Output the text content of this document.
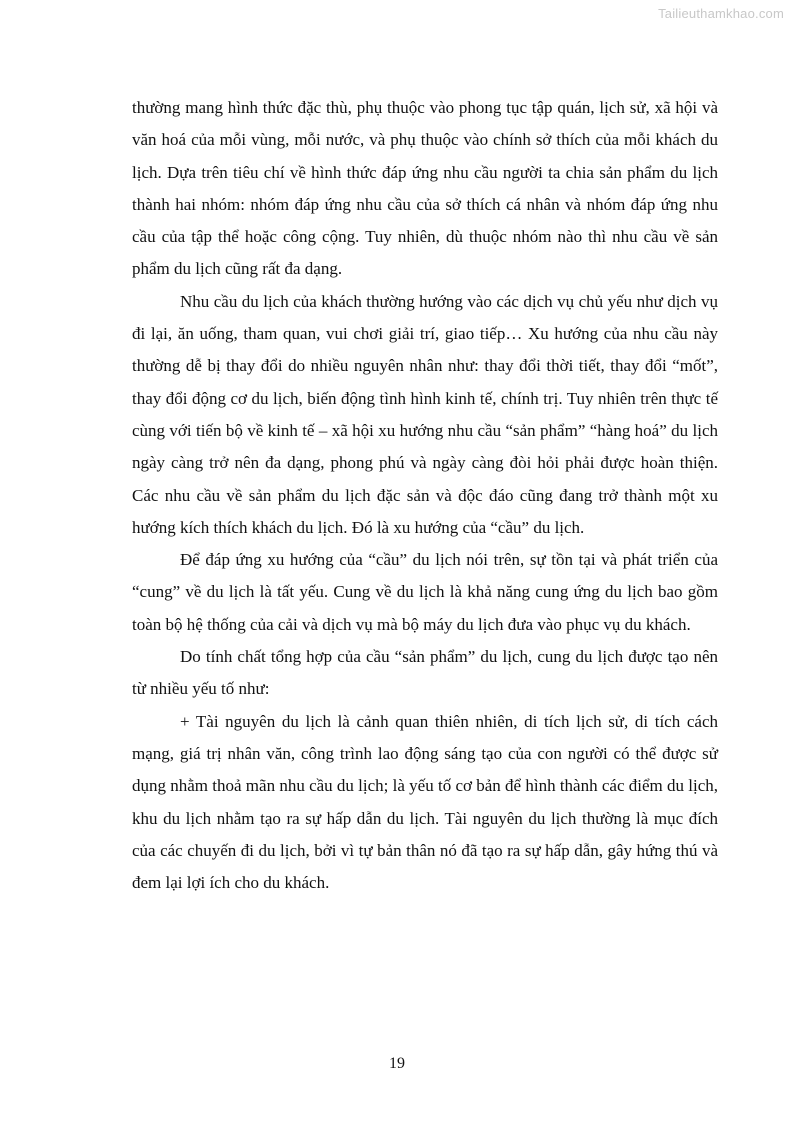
Tailieuthamkhao.com

thường mang hình thức đặc thù, phụ thuộc vào phong tục tập quán, lịch sử, xã hội và văn hoá của mỗi vùng, mỗi nước, và phụ thuộc vào chính sở thích của mỗi khách du lịch. Dựa trên tiêu chí về hình thức đáp ứng nhu cầu người ta chia sản phẩm du lịch thành hai nhóm: nhóm đáp ứng nhu cầu của sở thích cá nhân và nhóm đáp ứng nhu cầu của tập thể hoặc công cộng. Tuy nhiên, dù thuộc nhóm nào thì nhu cầu về sản phẩm du lịch cũng rất đa dạng.

Nhu cầu du lịch của khách thường hướng vào các dịch vụ chủ yếu như dịch vụ đi lại, ăn uống, tham quan, vui chơi giải trí, giao tiếp… Xu hướng của nhu cầu này thường dễ bị thay đổi do nhiều nguyên nhân như: thay đổi thời tiết, thay đổi “mốt”, thay đổi động cơ du lịch, biến động tình hình kinh tế, chính trị. Tuy nhiên trên thực tế cùng với tiến bộ về kinh tế – xã hội xu hướng nhu cầu “sản phẩm” “hàng hoá” du lịch ngày càng trở nên đa dạng, phong phú và ngày càng đòi hỏi phải được hoàn thiện. Các nhu cầu về sản phẩm du lịch đặc sản và độc đáo cũng đang trở thành một xu hướng kích thích khách du lịch. Đó là xu hướng của “cầu” du lịch.

Để đáp ứng xu hướng của “cầu” du lịch nói trên, sự tồn tại và phát triển của “cung” về du lịch là tất yếu. Cung về du lịch là khả năng cung ứng du lịch bao gồm toàn bộ hệ thống của cải và dịch vụ mà bộ máy du lịch đưa vào phục vụ du khách.

Do tính chất tổng hợp của cầu “sản phẩm” du lịch, cung du lịch được tạo nên từ nhiều yếu tố như:

+ Tài nguyên du lịch là cảnh quan thiên nhiên, di tích lịch sử, di tích cách mạng, giá trị nhân văn, công trình lao động sáng tạo của con người có thể được sử dụng nhằm thoả mãn nhu cầu du lịch; là yếu tố cơ bản để hình thành các điểm du lịch, khu du lịch nhằm tạo ra sự hấp dẫn du lịch. Tài nguyên du lịch thường là mục đích của các chuyến đi du lịch, bởi vì tự bản thân nó đã tạo ra sự hấp dẫn, gây hứng thú và đem lại lợi ích cho du khách.

19
